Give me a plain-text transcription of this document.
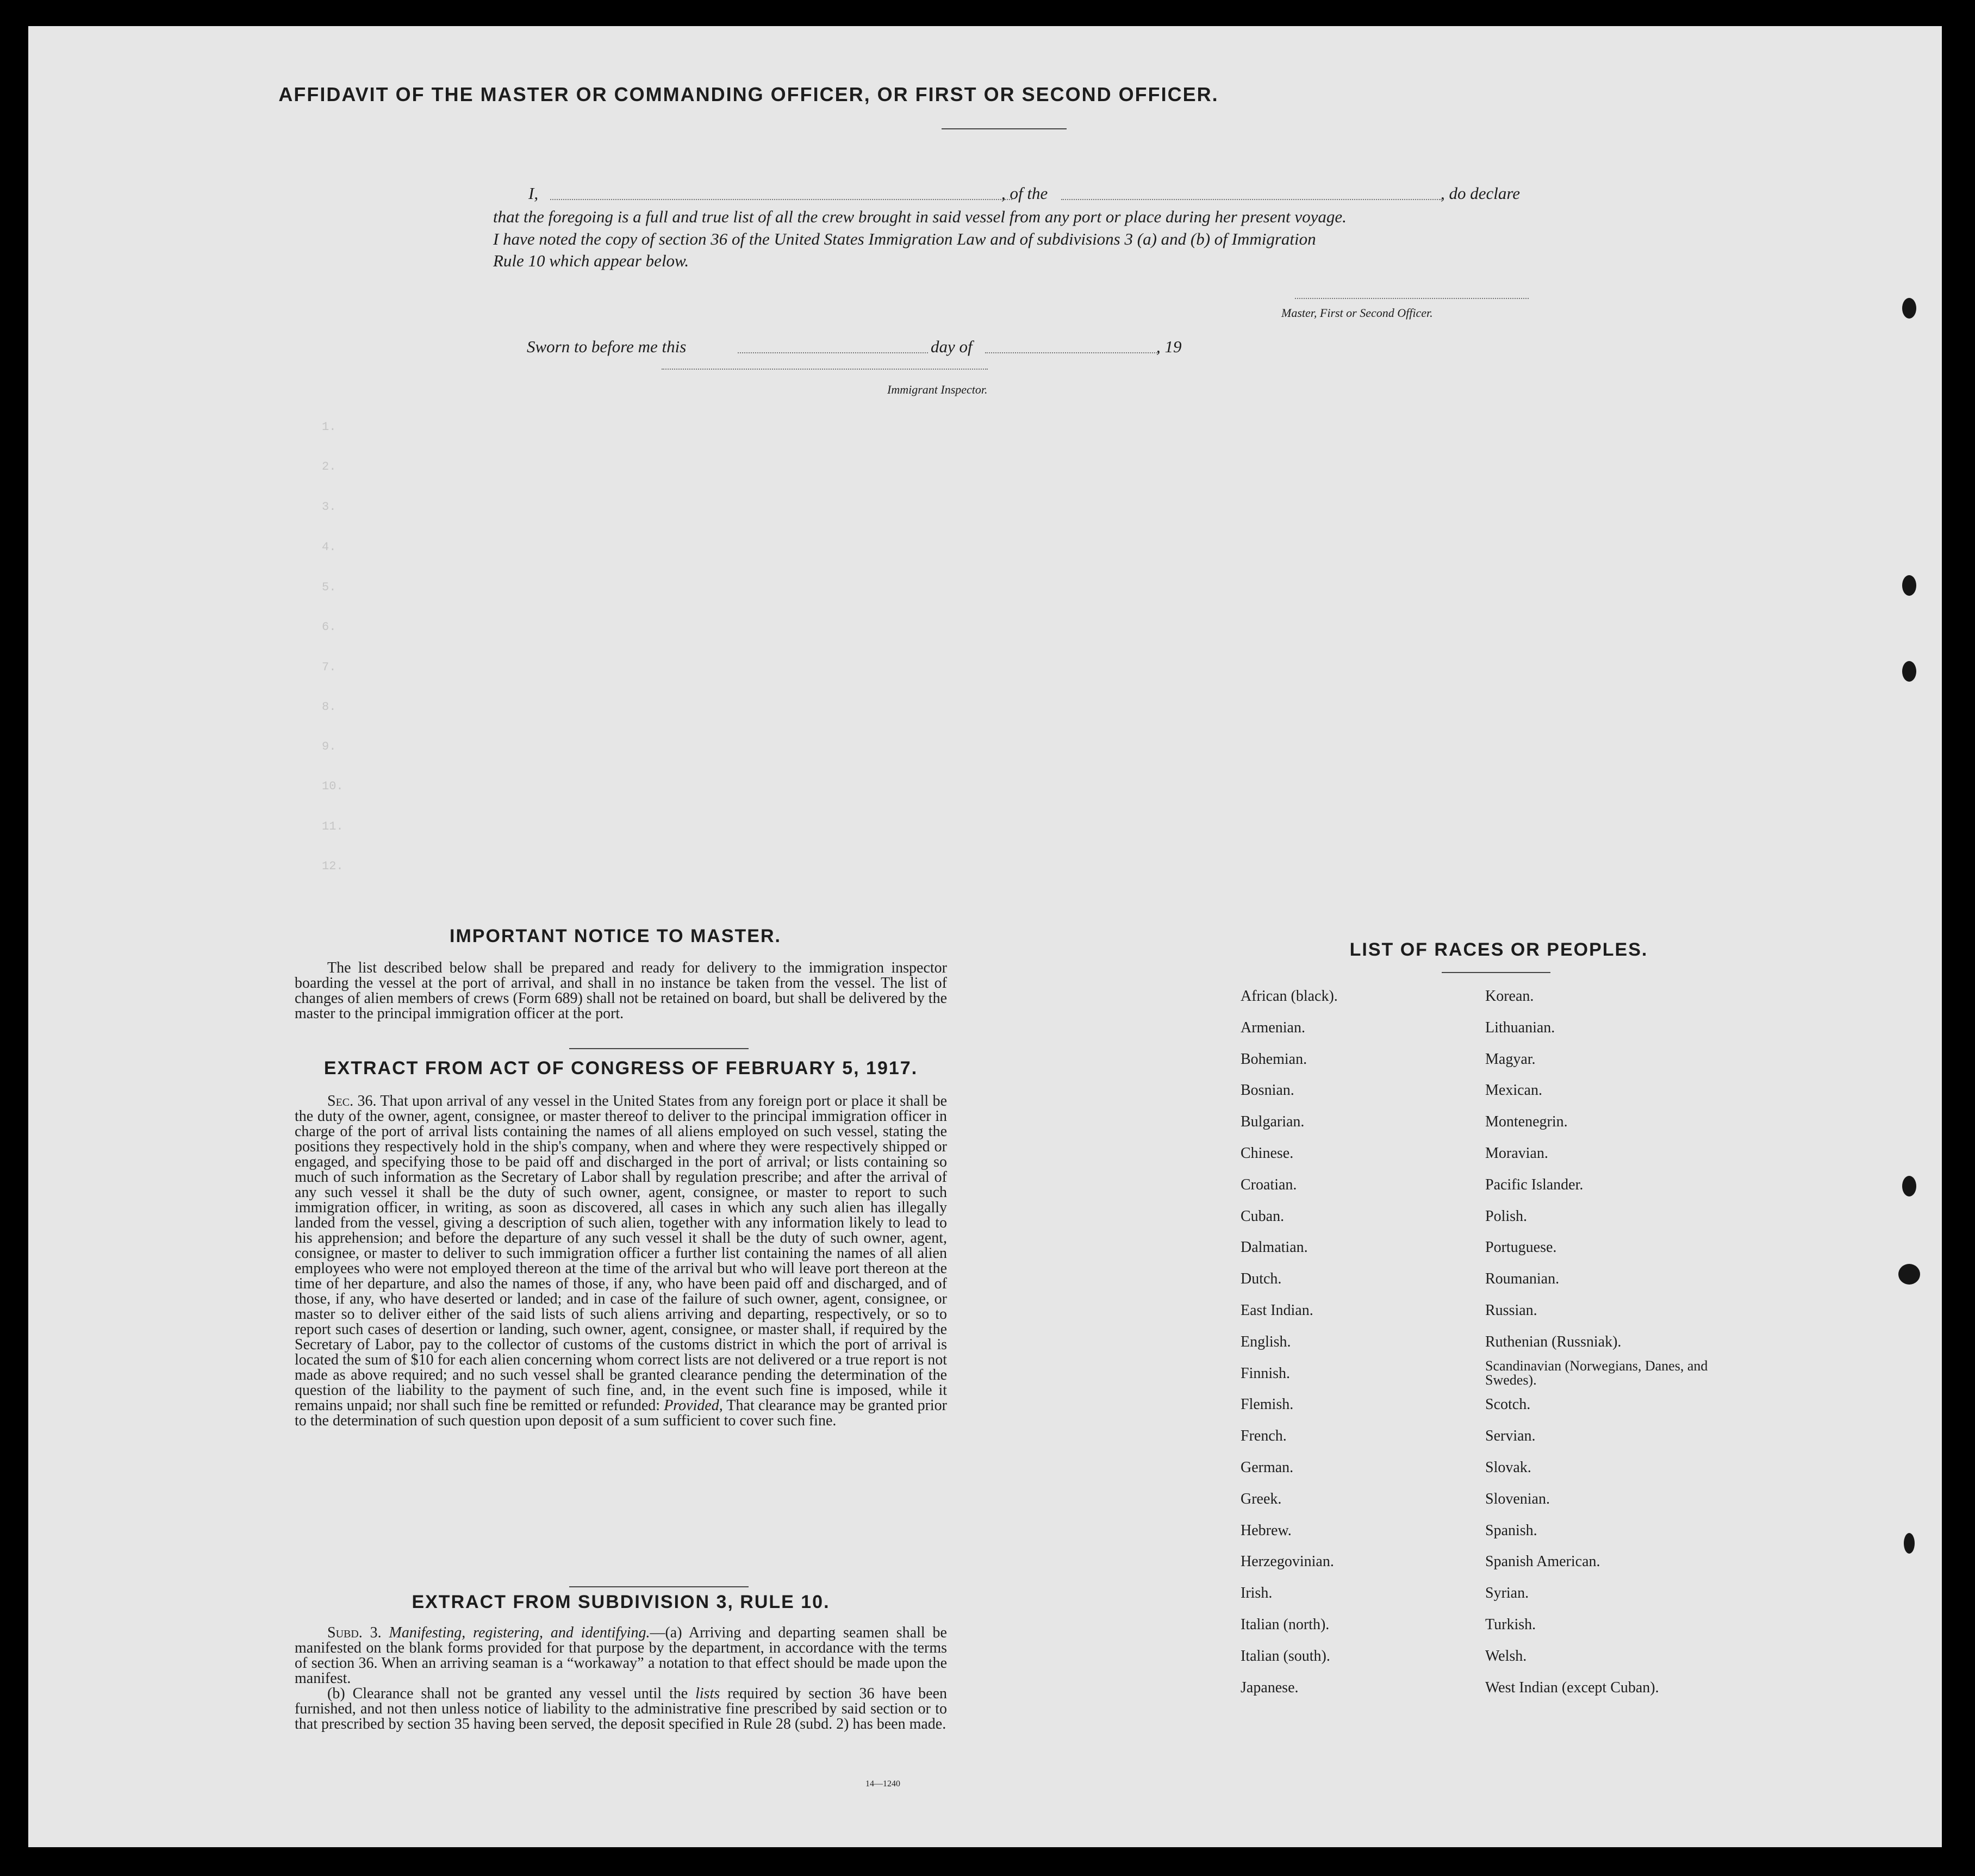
1.
2.
3.
4.
5.
6.
7.
8.
9.
10.
11.
12.
AFFIDAVIT OF THE MASTER OR COMMANDING OFFICER, OR FIRST OR SECOND OFFICER.
I,	, of the	, do declare
that the foregoing is a full and true list of all the crew brought in said vessel from any port or place during her present voyage.
I have noted the copy of section 36 of the United States Immigration Law and of subdivisions 3 (a) and (b) of Immigration
Rule 10 which appear below.
Master, First or Second Officer.
Sworn to before me this	day of	, 19
Immigrant Inspector.
IMPORTANT NOTICE TO MASTER.

The list described below shall be prepared and ready for delivery to the immigration inspector boarding the vessel at the port of arrival, and shall in no instance be taken from the vessel. The list of changes of alien members of crews (Form 689) shall not be retained on board, but shall be delivered by the master to the principal immigration officer at the port.

EXTRACT FROM ACT OF CONGRESS OF FEBRUARY 5, 1917.

Sec. 36. That upon arrival of any vessel in the United States from any foreign port or place it shall be the duty of the owner, agent, consignee, or master thereof to deliver to the principal immigration officer in charge of the port of arrival lists containing the names of all aliens employed on such vessel, stating the positions they respectively hold in the ship's company, when and where they were respectively shipped or engaged, and specifying those to be paid off and discharged in the port of arrival; or lists containing so much of such information as the Secretary of Labor shall by regulation prescribe; and after the arrival of any such vessel it shall be the duty of such owner, agent, consignee, or master to report to such immigration officer, in writing, as soon as discovered, all cases in which any such alien has illegally landed from the vessel, giving a description of such alien, together with any information likely to lead to his apprehension; and before the departure of any such vessel it shall be the duty of such owner, agent, consignee, or master to deliver to such immigration officer a further list containing the names of all alien employees who were not employed thereon at the time of the arrival but who will leave port thereon at the time of her departure, and also the names of those, if any, who have been paid off and discharged, and of those, if any, who have deserted or landed; and in case of the failure of such owner, agent, consignee, or master so to deliver either of the said lists of such aliens arriving and departing, respectively, or so to report such cases of desertion or landing, such owner, agent, consignee, or master shall, if required by the Secretary of Labor, pay to the collector of customs of the customs district in which the port of arrival is located the sum of $10 for each alien concerning whom correct lists are not delivered or a true report is not made as above required; and no such vessel shall be granted clearance pending the determination of the question of the liability to the payment of such fine, and, in the event such fine is imposed, while it remains unpaid; nor shall such fine be remitted or refunded: Provided, That clearance may be granted prior to the determination of such question upon deposit of a sum sufficient to cover such fine.

EXTRACT FROM SUBDIVISION 3, RULE 10.

Subd. 3. Manifesting, registering, and identifying.—(a) Arriving and departing seamen shall be manifested on the blank forms provided for that purpose by the department, in accordance with the terms of section 36. When an arriving seaman is a “workaway” a notation to that effect should be made upon the manifest.

(b) Clearance shall not be granted any vessel until the lists required by section 36 have been furnished, and not then unless notice of liability to the administrative fine prescribed by said section or to that prescribed by section 35 having been served, the deposit specified in Rule 28 (subd. 2) has been made.

14—1240
LIST OF RACES OR PEOPLES.
African (black).
Armenian.
Bohemian.
Bosnian.
Bulgarian.
Chinese.
Croatian.
Cuban.
Dalmatian.
Dutch.
East Indian.
English.
Finnish.
Flemish.
French.
German.
Greek.
Hebrew.
Herzegovinian.
Irish.
Italian (north).
Italian (south).
Japanese.
Korean.
Lithuanian.
Magyar.
Mexican.
Montenegrin.
Moravian.
Pacific Islander.
Polish.
Portuguese.
Roumanian.
Russian.
Ruthenian (Russniak).
Scandinavian (Norwegians, Danes, and Swedes).
Scotch.
Servian.
Slovak.
Slovenian.
Spanish.
Spanish American.
Syrian.
Turkish.
Welsh.
West Indian (except Cuban).
